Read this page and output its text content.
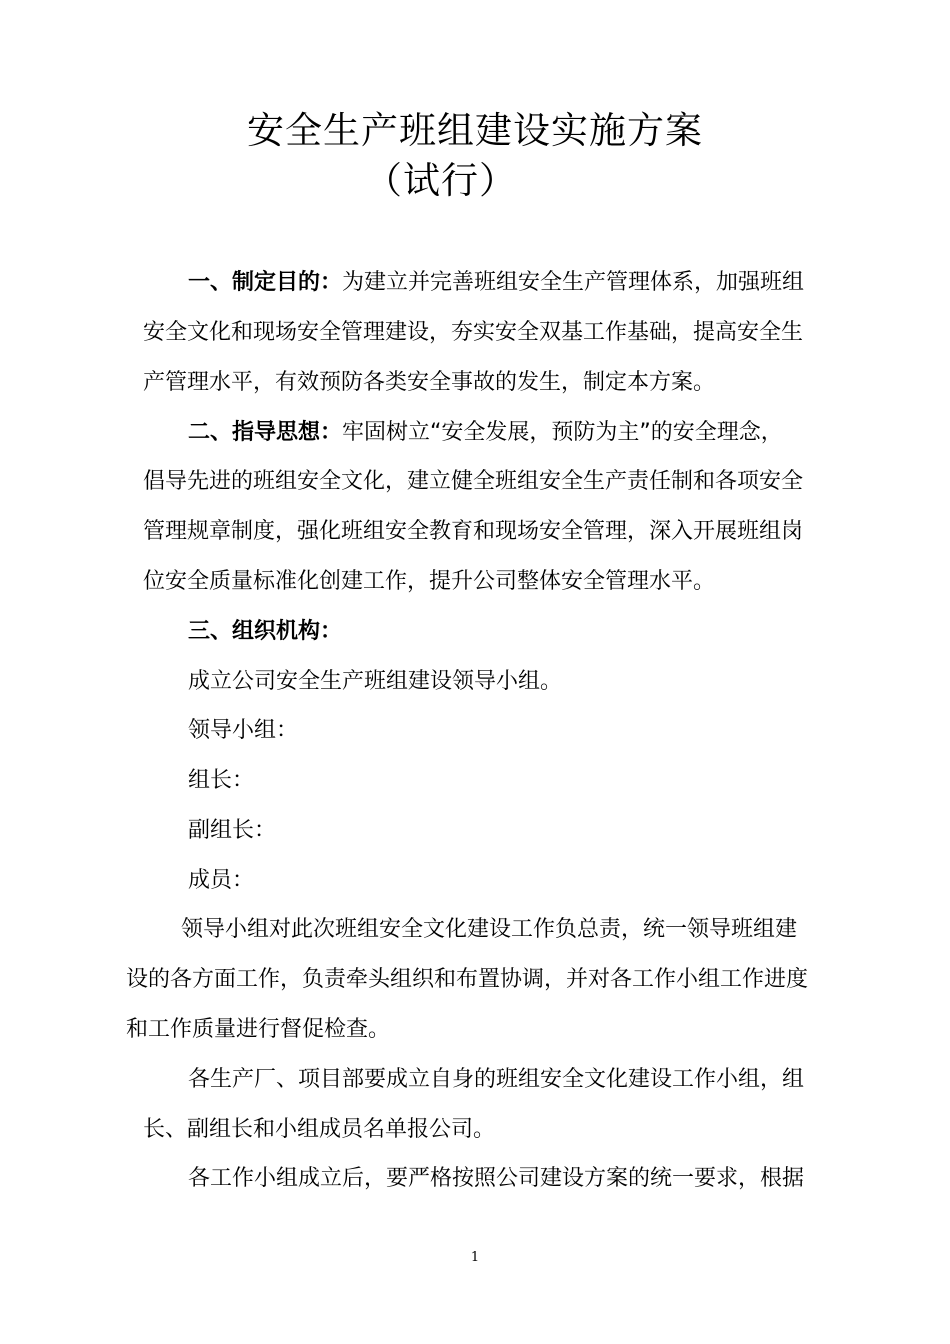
安全生产班组建设实施方案
（试行）
一、制定目的：为建立并完善班组安全生产管理体系，加强班组
安全文化和现场安全管理建设，夯实安全双基工作基础，提高安全生
产管理水平，有效预防各类安全事故的发生，制定本方案。
二、指导思想：牢固树立“安全发展，预防为主”的安全理念，
倡导先进的班组安全文化，建立健全班组安全生产责任制和各项安全
管理规章制度，强化班组安全教育和现场安全管理，深入开展班组岗
位安全质量标准化创建工作，提升公司整体安全管理水平。
三、组织机构：
成立公司安全生产班组建设领导小组。
领导小组：
组长：
副组长：
成员：
领导小组对此次班组安全文化建设工作负总责，统一领导班组建
设的各方面工作，负责牵头组织和布置协调，并对各工作小组工作进度
和工作质量进行督促检查。
各生产厂、项目部要成立自身的班组安全文化建设工作小组，组
长、副组长和小组成员名单报公司。
各工作小组成立后，要严格按照公司建设方案的统一要求，根据
1
